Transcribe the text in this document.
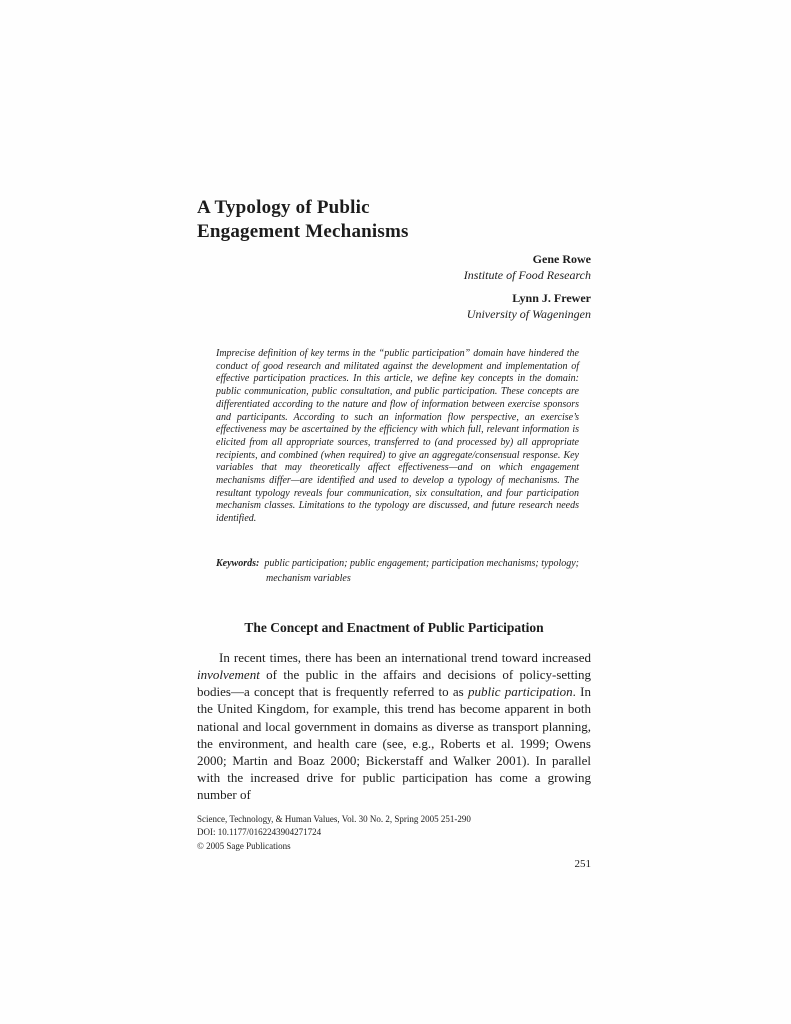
A Typology of Public
Engagement Mechanisms
Gene Rowe
Institute of Food Research
Lynn J. Frewer
University of Wageningen
Imprecise definition of key terms in the “public participation” domain have hindered the conduct of good research and militated against the development and implementation of effective participation practices. In this article, we define key concepts in the domain: public communication, public consultation, and public participation. These concepts are differentiated according to the nature and flow of information between exercise sponsors and participants. According to such an information flow perspective, an exercise’s effectiveness may be ascertained by the efficiency with which full, relevant information is elicited from all appropriate sources, transferred to (and processed by) all appropriate recipients, and combined (when required) to give an aggregate/consensual response. Key variables that may theoretically affect effectiveness—and on which engagement mechanisms differ—are identified and used to develop a typology of mechanisms. The resultant typology reveals four communication, six consultation, and four participation mechanism classes. Limitations to the typology are discussed, and future research needs identified.
Keywords: public participation; public engagement; participation mechanisms; typology; mechanism variables
The Concept and Enactment of Public Participation
In recent times, there has been an international trend toward increased involvement of the public in the affairs and decisions of policy-setting bodies—a concept that is frequently referred to as public participation. In the United Kingdom, for example, this trend has become apparent in both national and local government in domains as diverse as transport planning, the environment, and health care (see, e.g., Roberts et al. 1999; Owens 2000; Martin and Boaz 2000; Bickerstaff and Walker 2001). In parallel with the increased drive for public participation has come a growing number of
Science, Technology, & Human Values, Vol. 30 No. 2, Spring 2005 251-290
DOI: 10.1177/0162243904271724
© 2005 Sage Publications
251
